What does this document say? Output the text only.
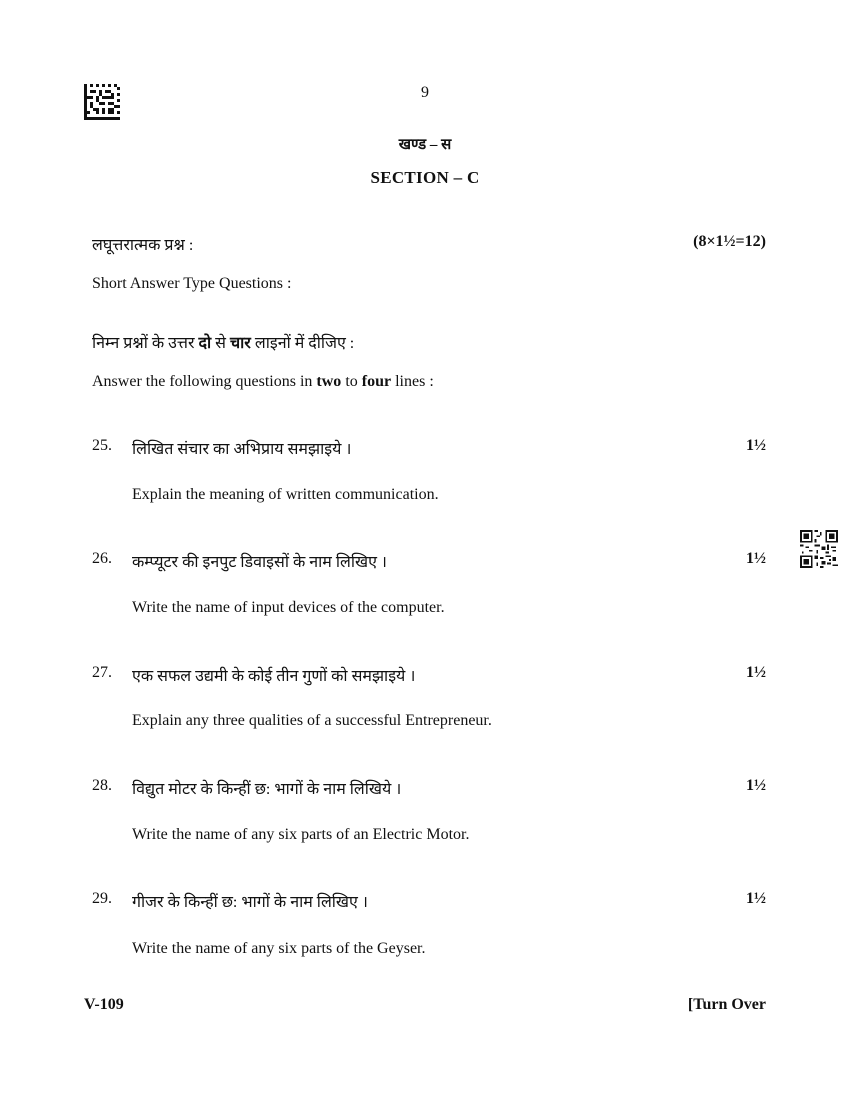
9
खण्ड – स
SECTION – C
लघूत्तरात्मक प्रश्न :	(8×1½=12)
Short Answer Type Questions :
निम्न प्रश्नों के उत्तर दो से चार लाइनों में दीजिए :
Answer the following questions in two to four lines :
25. लिखित संचार का अभिप्राय समझाइये ।	1½
Explain the meaning of written communication.
26. कम्प्यूटर की इनपुट डिवाइसों के नाम लिखिए ।	1½
Write the name of input devices of the computer.
27. एक सफल उद्यमी के कोई तीन गुणों को समझाइये ।	1½
Explain any three qualities of a successful Entrepreneur.
28. विद्युत मोटर के किन्हीं छ: भागों के नाम लिखिये ।	1½
Write the name of any six parts of an Electric Motor.
29. गीजर के किन्हीं छ: भागों के नाम लिखिए ।	1½
Write the name of any six parts of the Geyser.
V-109	[Turn Over
